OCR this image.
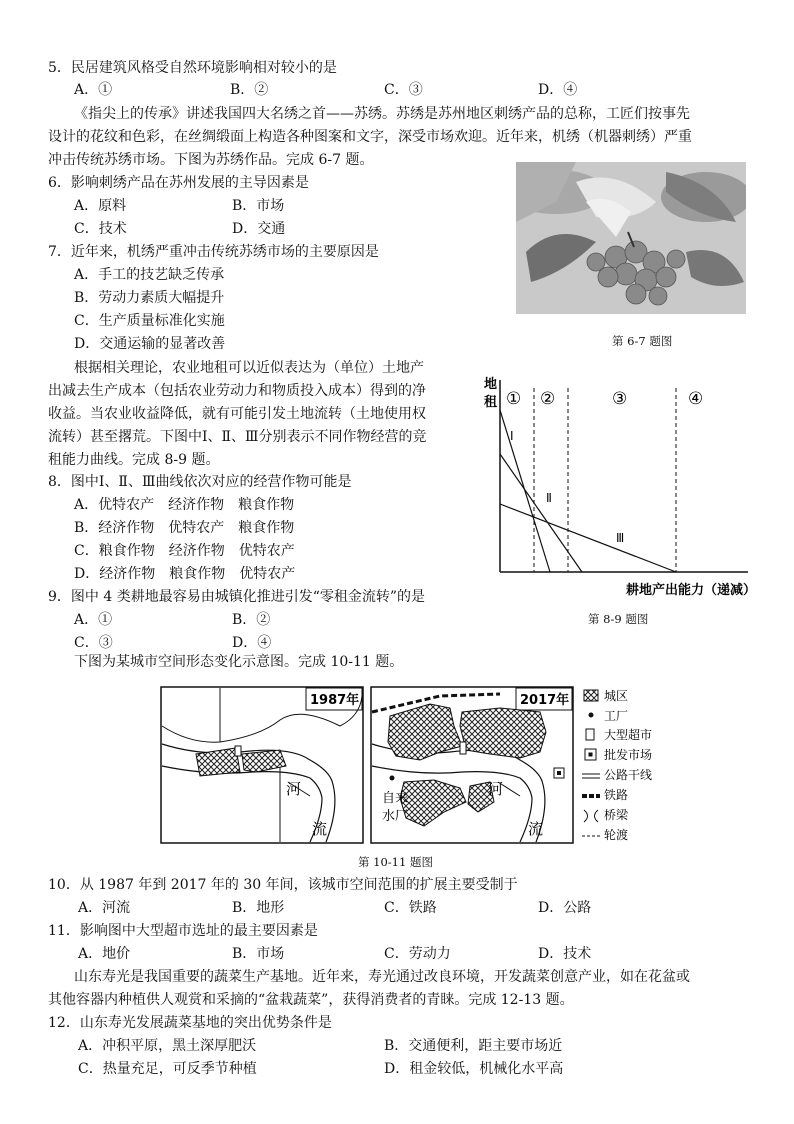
5．民居建筑风格受自然环境影响相对较小的是
A．①	B．②	C．③	D．④
《指尖上的传承》讲述我国四大名绣之首——苏绣。苏绣是苏州地区刺绣产品的总称，工匠们按事先
设计的花纹和色彩，在丝绸缎面上构造各种图案和文字，深受市场欢迎。近年来，机绣（机器刺绣）严重
冲击传统苏绣市场。下图为苏绣作品。完成 6-7 题。
6．影响刺绣产品在苏州发展的主导因素是
A．原料	B．市场
C．技术	D．交通
7．近年来，机绣严重冲击传统苏绣市场的主要原因是
A．手工的技艺缺乏传承
B．劳动力素质大幅提升
C．生产质量标准化实施
D．交通运输的显著改善	第 6-7 题图
根据相关理论，农业地租可以近似表达为（单位）土地产
出减去生产成本（包括农业劳动力和物质投入成本）得到的净
收益。当农业收益降低，就有可能引发土地流转（土地使用权
流转）甚至撂荒。下图中Ⅰ、Ⅱ、Ⅲ分别表示不同作物经营的竞
租能力曲线。完成 8-9 题。
8．图中Ⅰ、Ⅱ、Ⅲ曲线依次对应的经营作物可能是
A．优特农产　经济作物　粮食作物
B．经济作物　优特农产　粮食作物
C．粮食作物　经济作物　优特农产
D．经济作物　粮食作物　优特农产
9．图中 4 类耕地最容易由城镇化推进引发“零租金流转”的是
A．①	B．②
C．③	D．④
地
租 ① ②	③	④
Ⅰ
Ⅱ
Ⅲ
耕地产出能力（递减）
第 8-9 题图
下图为某城市空间形态变化示意图。完成 10-11 题。
1987年
河
流
2017年
河
流
自来
水厂
城区
工厂
大型超市
批发市场
公路干线
铁路
桥梁
轮渡
第 10-11 题图
10．从 1987 年到 2017 年的 30 年间，该城市空间范围的扩展主要受制于
A．河流	B．地形	C．铁路	D．公路
11．影响图中大型超市选址的最主要因素是
A．地价	B．市场	C．劳动力	D．技术
山东寿光是我国重要的蔬菜生产基地。近年来，寿光通过改良环境，开发蔬菜创意产业，如在花盆或
其他容器内种植供人观赏和采摘的“盆栽蔬菜”，获得消费者的青睐。完成 12-13 题。
12．山东寿光发展蔬菜基地的突出优势条件是
A．冲积平原，黑土深厚肥沃	B．交通便利，距主要市场近
C．热量充足，可反季节种植	D．租金较低，机械化水平高
